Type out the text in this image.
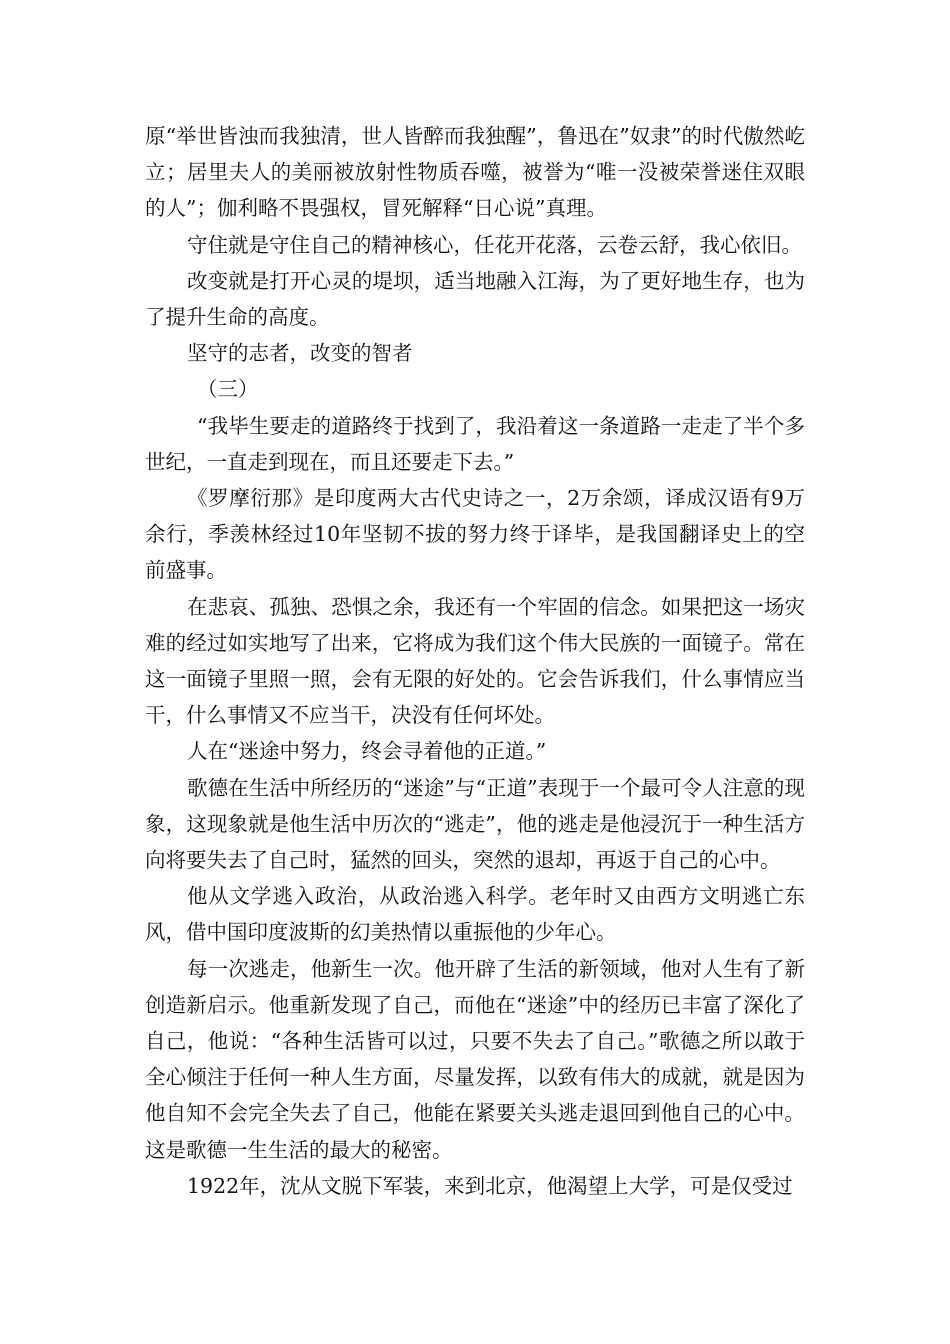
原“举世皆浊而我独清，世人皆醉而我独醒”，鲁迅在”奴隶”的时代傲然屹立；居里夫人的美丽被放射性物质吞噬，被誉为“唯一没被荣誉迷住双眼的人”；伽利略不畏强权，冒死解释“日心说”真理。

守住就是守住自己的精神核心，任花开花落，云卷云舒，我心依旧。

改变就是打开心灵的堤坝，适当地融入江海，为了更好地生存，也为了提升生命的高度。

坚守的志者，改变的智者

（三）

“我毕生要走的道路终于找到了，我沿着这一条道路一走走了半个多世纪，一直走到现在，而且还要走下去。”

《罗摩衍那》是印度两大古代史诗之一，2万余颂，译成汉语有9万余行，季羡林经过10年坚韧不拔的努力终于译毕，是我国翻译史上的空前盛事。

在悲哀、孤独、恐惧之余，我还有一个牢固的信念。如果把这一场灾难的经过如实地写了出来，它将成为我们这个伟大民族的一面镜子。常在这一面镜子里照一照，会有无限的好处的。它会告诉我们，什么事情应当干，什么事情又不应当干，决没有任何坏处。

人在“迷途中努力，终会寻着他的正道。”

歌德在生活中所经历的“迷途”与“正道”表现于一个最可令人注意的现象，这现象就是他生活中历次的“逃走”，他的逃走是他浸沉于一种生活方向将要失去了自己时，猛然的回头，突然的退却，再返于自己的心中。

他从文学逃入政治，从政治逃入科学。老年时又由西方文明逃亡东风，借中国印度波斯的幻美热情以重振他的少年心。

每一次逃走，他新生一次。他开辟了生活的新领域，他对人生有了新创造新启示。他重新发现了自己，而他在“迷途”中的经历已丰富了深化了自己，他说：“各种生活皆可以过，只要不失去了自己。”歌德之所以敢于全心倾注于任何一种人生方面，尽量发挥，以致有伟大的成就，就是因为他自知不会完全失去了自己，他能在紧要关头逃走退回到他自己的心中。这是歌德一生生活的最大的秘密。

1922年，沈从文脱下军装，来到北京，他渴望上大学，可是仅受过
